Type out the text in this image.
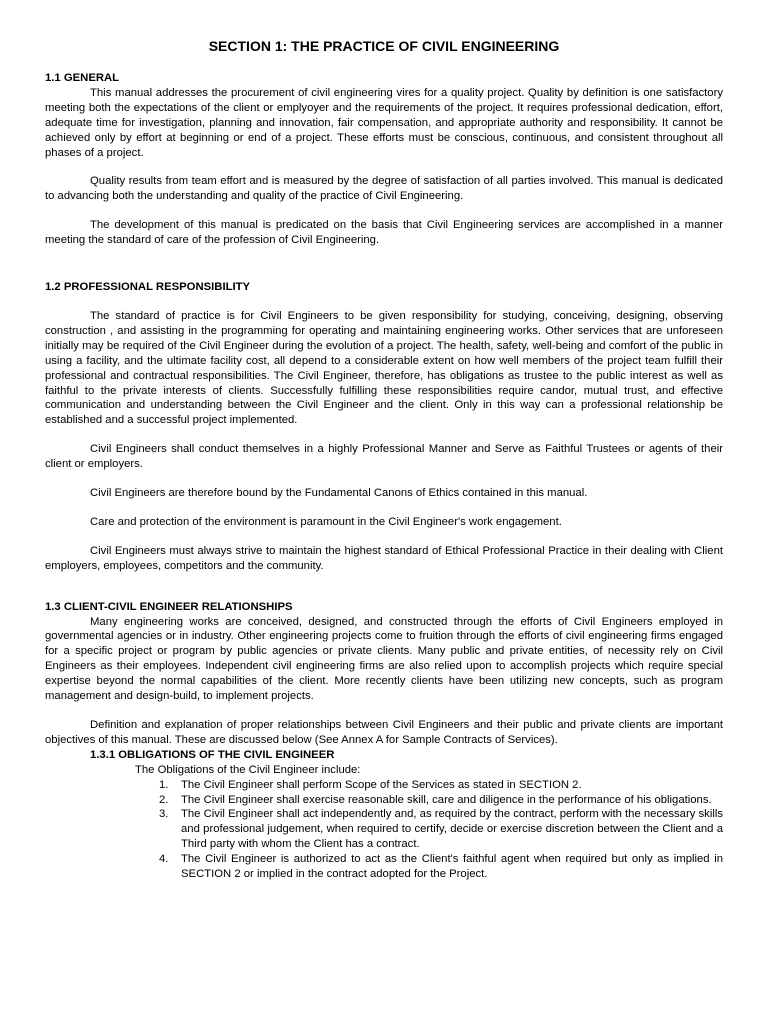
SECTION 1: THE PRACTICE OF CIVIL ENGINEERING
1.1 GENERAL

This manual addresses the procurement of civil engineering vires for a quality project. Quality by definition is one satisfactory meeting both the expectations of the client or emplyoyer and the requirements of the project. It requires professional dedication, effort, adequate time for investigation, planning and innovation, fair compensation, and appropriate authority and responsibility. It cannot be achieved only by effort at beginning or end of a project. These efforts must be conscious, continuous, and consistent throughout all phases of a project.

Quality results from team effort and is measured by the degree of satisfaction of all parties involved. This manual is dedicated to advancing both the understanding and quality of the practice of Civil Engineering.

The development of this manual is predicated on the basis that Civil Engineering services are accomplished in a manner meeting the standard of care of the profession of Civil Engineering.

1.2 PROFESSIONAL RESPONSIBILITY

The standard of practice is for Civil Engineers to be given responsibility for studying, conceiving, designing, observing construction , and assisting in the programming for operating and maintaining engineering works. Other services that are unforeseen initially may be required of the Civil Engineer during the evolution of a project. The health, safety, well-being and comfort of the public in using a facility, and the ultimate facility cost, all depend to a considerable extent on how well members of the project team fulfill their professional and contractual responsibilities. The Civil Engineer, therefore, has obligations as trustee to the public interest as well as faithful to the private interests of clients. Successfully fulfilling these responsibilities require candor, mutual trust, and effective communication and understanding between the Civil Engineer and the client. Only in this way can a professional relationship be established and a successful project implemented.

Civil Engineers shall conduct themselves in a highly Professional Manner and Serve as Faithful Trustees or agents of their client or employers.

Civil Engineers are therefore bound by the Fundamental Canons of Ethics contained in this manual.

Care and protection of the environment is paramount in the Civil Engineer's work engagement.

Civil Engineers must always strive to maintain the highest standard of Ethical Professional Practice in their dealing with Client employers, employees, competitors and the community.

1.3 CLIENT-CIVIL ENGINEER RELATIONSHIPS

Many engineering works are conceived, designed, and constructed through the efforts of Civil Engineers employed in governmental agencies or in industry. Other engineering projects come to fruition through the efforts of civil engineering firms engaged for a specific project or program by public agencies or private clients. Many public and private entities, of necessity rely on Civil Engineers as their employees. Independent civil engineering firms are also relied upon to accomplish projects which require special expertise beyond the normal capabilities of the client. More recently clients have been utilizing new concepts, such as program management and design-build, to implement projects.

Definition and explanation of proper relationships between Civil Engineers and their public and private clients are important objectives of this manual. These are discussed below (See Annex A for Sample Contracts of Services).

1.3.1 OBLIGATIONS OF THE CIVIL ENGINEER
The Obligations of the Civil Engineer include:
1. The Civil Engineer shall perform Scope of the Services as stated in SECTION 2.
2. The Civil Engineer shall exercise reasonable skill, care and diligence in the performance of his obligations.
3. The Civil Engineer shall act independently and, as required by the contract, perform with the necessary skills and professional judgement, when required to certify, decide or exercise discretion between the Client and a Third party with whom the Client has a contract.
4. The Civil Engineer is authorized to act as the Client's faithful agent when required but only as implied in SECTION 2 or implied in the contract adopted for the Project.
